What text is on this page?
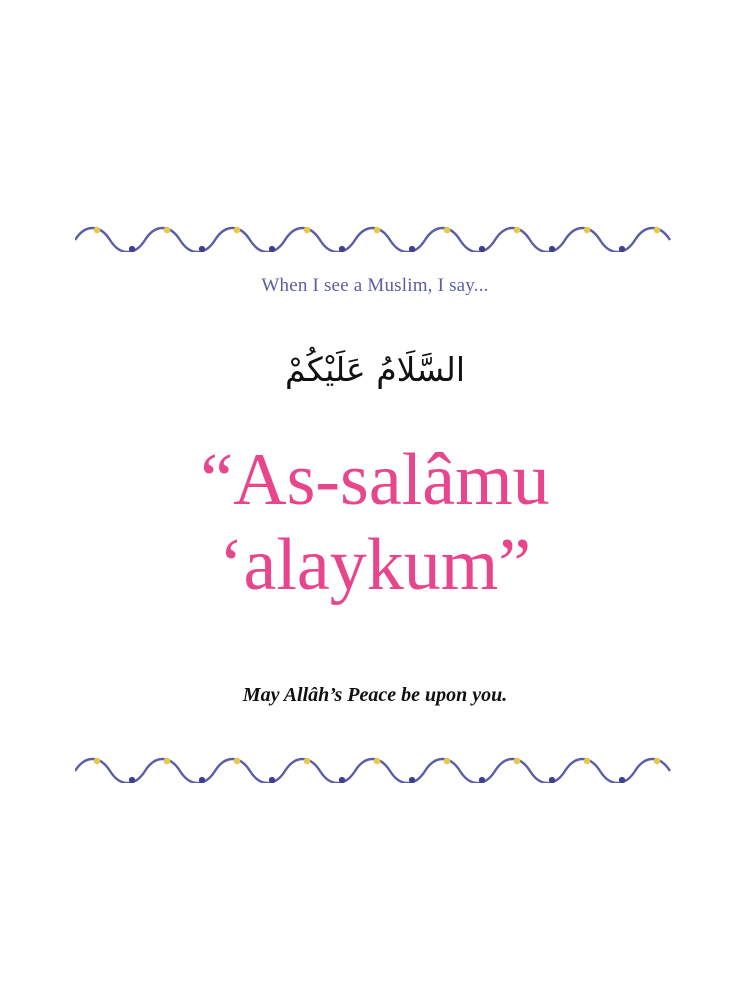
When I see a Muslim, I say...
السَّلَامُ عَلَيْكُمْ
“As-salâmu
‘alaykum”
May Allâh’s Peace be upon you.
